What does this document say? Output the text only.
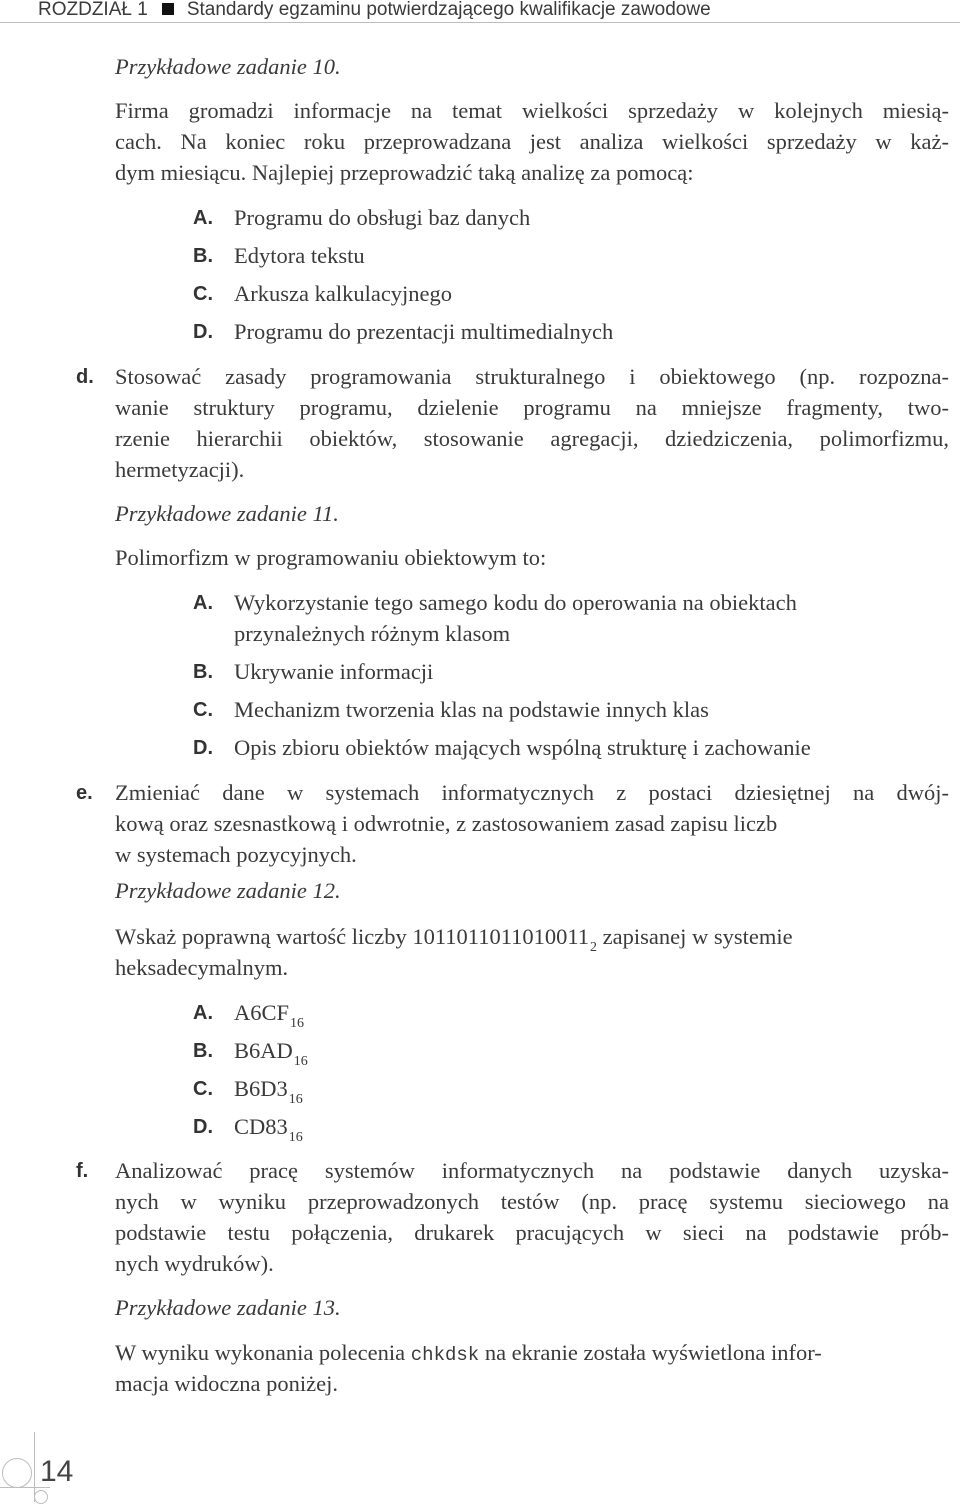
ROZDZIAŁ 1 Standardy egzaminu potwierdzającego kwalifikacje zawodowe
Przykładowe zadanie 10.
Firma gromadzi informacje na temat wielkości sprzedaży w kolejnych miesią-
cach. Na koniec roku przeprowadzana jest analiza wielkości sprzedaży w każ-
dym miesiącu. Najlepiej przeprowadzić taką analizę za pomocą:
A. Programu do obsługi baz danych
B. Edytora tekstu
C. Arkusza kalkulacyjnego
D. Programu do prezentacji multimedialnych
d. Stosować zasady programowania strukturalnego i obiektowego (np. rozpozna-
wanie struktury programu, dzielenie programu na mniejsze fragmenty, two-
rzenie hierarchii obiektów, stosowanie agregacji, dziedziczenia, polimorfizmu,
hermetyzacji).
Przykładowe zadanie 11.
Polimorfizm w programowaniu obiektowym to:
A. Wykorzystanie tego samego kodu do operowania na obiektach
przynależnych różnym klasom
B. Ukrywanie informacji
C. Mechanizm tworzenia klas na podstawie innych klas
D. Opis zbioru obiektów mających wspólną strukturę i zachowanie
e. Zmieniać dane w systemach informatycznych z postaci dziesiętnej na dwój-
kową oraz szesnastkową i odwrotnie, z zastosowaniem zasad zapisu liczb
w systemach pozycyjnych.
Przykładowe zadanie 12.
Wskaż poprawną wartość liczby $1011011011010011_2$ zapisanej w systemie
heksadecymalnym.
A. $A6CF_{16}$
B. $B6AD_{16}$
C. $B6D3_{16}$
D. $CD83_{16}$
f. Analizować pracę systemów informatycznych na podstawie danych uzyska-
nych w wyniku przeprowadzonych testów (np. pracę systemu sieciowego na
podstawie testu połączenia, drukarek pracujących w sieci na podstawie prób-
nych wydruków).
Przykładowe zadanie 13.
W wyniku wykonania polecenia chkdsk na ekranie została wyświetlona infor-
macja widoczna poniżej.
14
